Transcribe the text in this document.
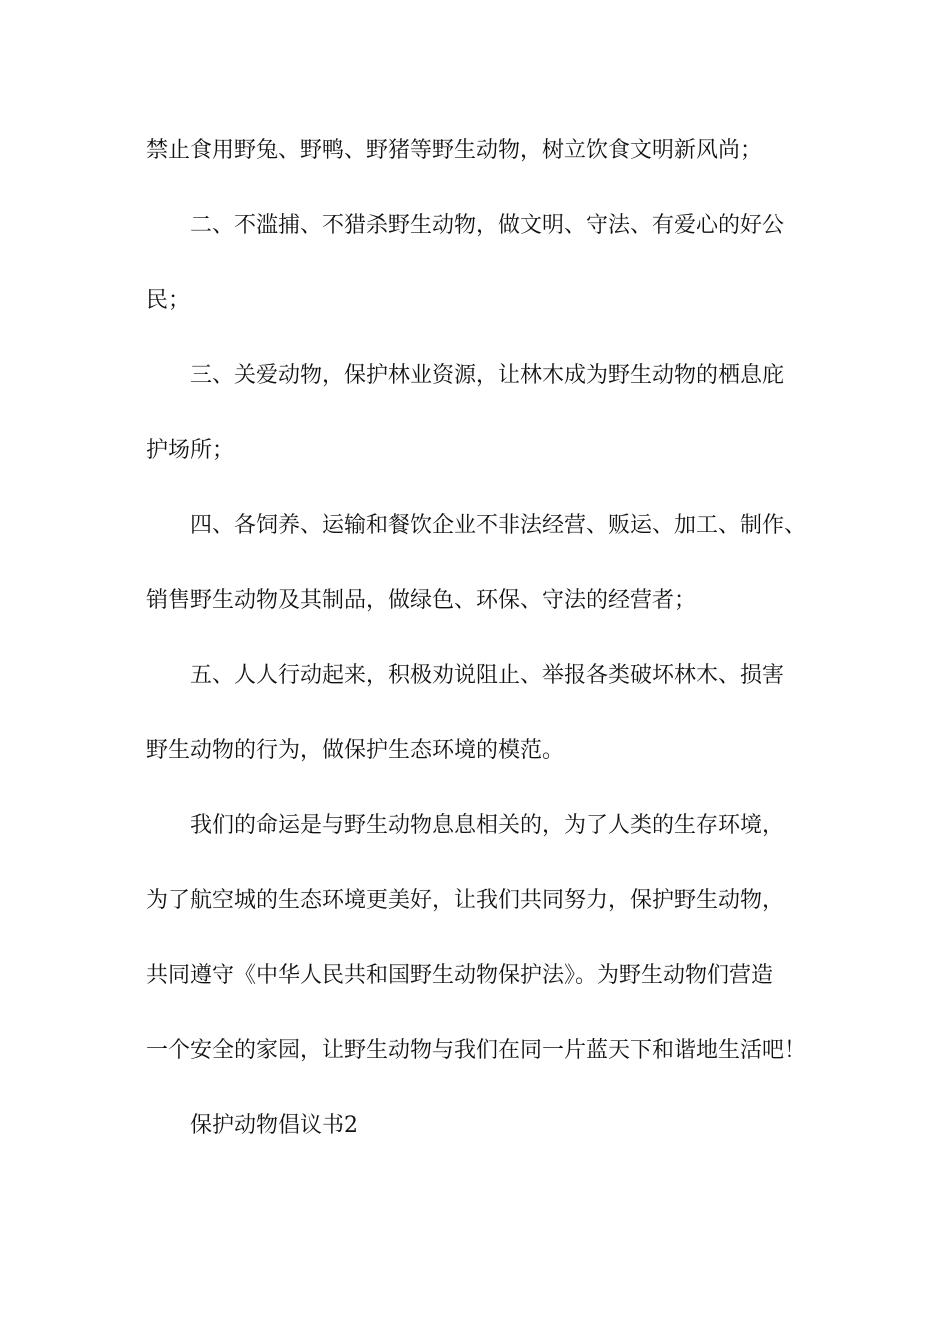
禁止食用野兔、野鸭、野猪等野生动物，树立饮食文明新风尚；

二、不滥捕、不猎杀野生动物，做文明、守法、有爱心的好公

民；

三、关爱动物，保护林业资源，让林木成为野生动物的栖息庇

护场所；

四、各饲养、运输和餐饮企业不非法经营、贩运、加工、制作、

销售野生动物及其制品，做绿色、环保、守法的经营者；

五、人人行动起来，积极劝说阻止、举报各类破坏林木、损害

野生动物的行为，做保护生态环境的模范。

我们的命运是与野生动物息息相关的，为了人类的生存环境，

为了航空城的生态环境更美好，让我们共同努力，保护野生动物，

共同遵守《中华人民共和国野生动物保护法》。为野生动物们营造

一个安全的家园，让野生动物与我们在同一片蓝天下和谐地生活吧！

保护动物倡议书2
